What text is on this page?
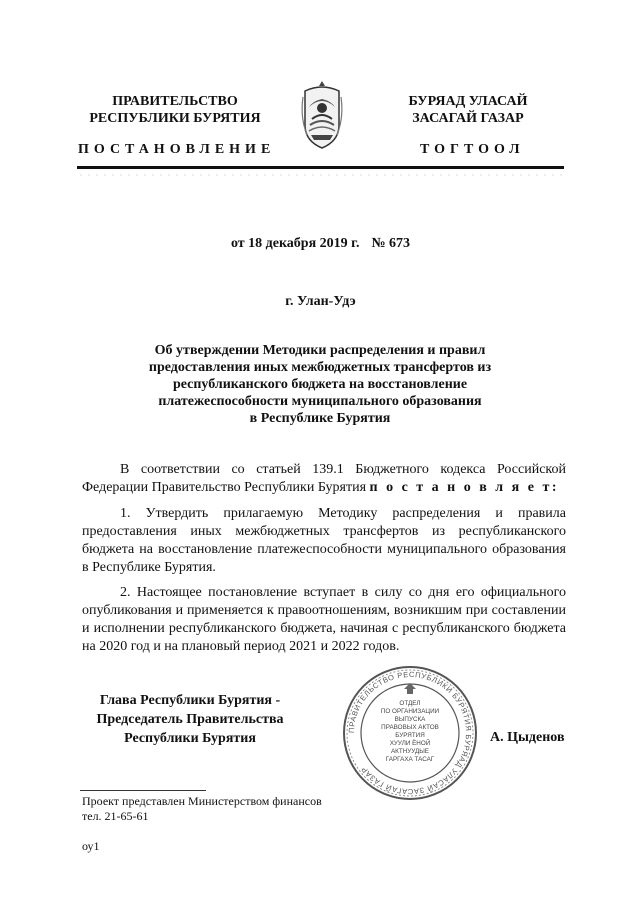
ПРАВИТЕЛЬСТВО
РЕСПУБЛИКИ БУРЯТИЯ
БУРЯАД УЛАСАЙ
ЗАСАГАЙ ГАЗАР
ПОСТАНОВЛЕНИЕ	ТОГТООЛ
от 18 декабря 2019 г. № 673
г. Улан-Удэ
Об утверждении Методики распределения и правил
предоставления иных межбюджетных трансфертов из
республиканского бюджета на восстановление
платежеспособности муниципального образования
в Республике Бурятия
В соответствии со статьей 139.1 Бюджетного кодекса Российской Федерации Правительство Республики Бурятия п о с т а н о в л я е т:
1. Утвердить прилагаемую Методику распределения и правила предоставления иных межбюджетных трансфертов из республиканского бюджета на восстановление платежеспособности муниципального образования в Республике Бурятия.
2. Настоящее постановление вступает в силу со дня его официального опубликования и применяется к правоотношениям, возникшим при составлении и исполнении республиканского бюджета, начиная с республиканского бюджета на 2020 год и на плановый период 2021 и 2022 годов.
Глава Республики Бурятия -
Председатель Правительства
Республики Бурятия
ПРАВИТЕЛЬСТВО РЕСПУБЛИКИ БУРЯТИЯ БУРЯАД УЛАСАЙ ЗАСАГАЙ ГАЗАР
ОТДЕЛ
ПО ОРГАНИЗАЦИИ
ВЫПУСКА
ПРАВОВЫХ АКТОВ
БУРЯТИЯ
ХУУЛИ ЁНОЙ
АКТНУУДЫЕ
ГАРГАХА ТАСАГ
А. Цыденов
Проект представлен Министерством финансов
тел. 21-65-61
оу1
